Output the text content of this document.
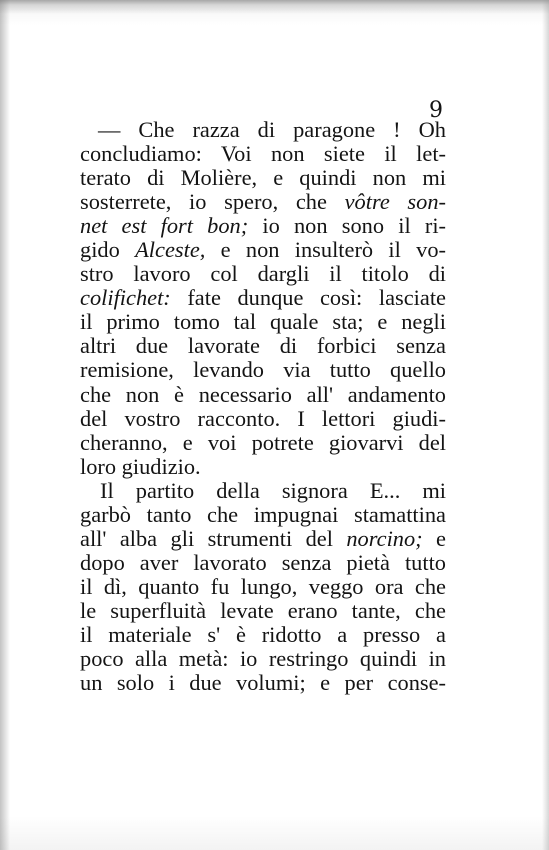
9
— Che razza di paragone ! Oh
concludiamo: Voi non siete il let-
terato di Molière, e quindi non mi
sosterrete, io spero, che vôtre son-
net est fort bon; io non sono il ri-
gido Alceste, e non insulterò il vo-
stro lavoro col dargli il titolo di
colifichet: fate dunque così: lasciate
il primo tomo tal quale sta; e negli
altri due lavorate di forbici senza
remisione, levando via tutto quello
che non è necessario all' andamento
del vostro racconto. I lettori giudi-
cheranno, e voi potrete giovarvi del
loro giudizio.
Il partito della signora E... mi
garbò tanto che impugnai stamattina
all' alba gli strumenti del norcino; e
dopo aver lavorato senza pietà tutto
il dì, quanto fu lungo, veggo ora che
le superfluità levate erano tante, che
il materiale s' è ridotto a presso a
poco alla metà: io restringo quindi in
un solo i due volumi; e per conse-
